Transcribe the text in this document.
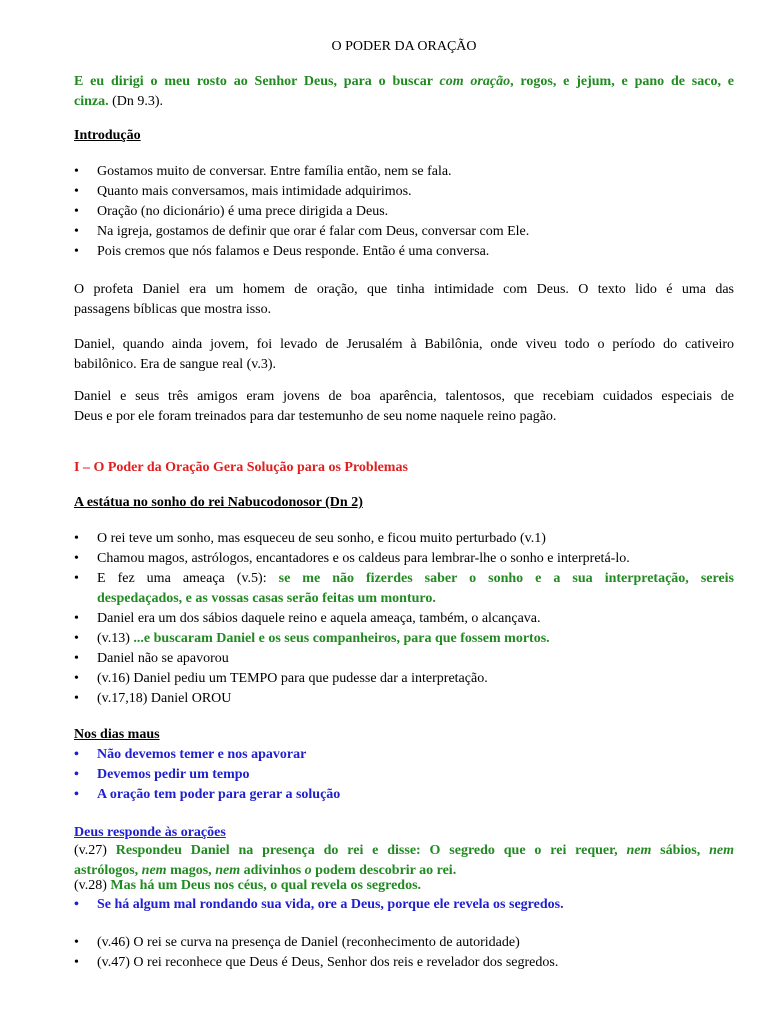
O PODER DA ORAÇÃO
E eu dirigi o meu rosto ao Senhor Deus, para o buscar com oração, rogos, e jejum, e pano de saco, e
cinza. (Dn 9.3).
Introdução
•	Gostamos muito de conversar. Entre família então, nem se fala.
•	Quanto mais conversamos, mais intimidade adquirimos.
•	Oração (no dicionário) é uma prece dirigida a Deus.
•	Na igreja, gostamos de definir que orar é falar com Deus, conversar com Ele.
•	Pois cremos que nós falamos e Deus responde. Então é uma conversa.
O profeta Daniel era um homem de oração, que tinha intimidade com Deus. O texto lido é uma das
passagens bíblicas que mostra isso.
Daniel, quando ainda jovem, foi levado de Jerusalém à Babilônia, onde viveu todo o período do cativeiro
babilônico. Era de sangue real (v.3).
Daniel e seus três amigos eram jovens de boa aparência, talentosos, que recebiam cuidados especiais de
Deus e por ele foram treinados para dar testemunho de seu nome naquele reino pagão.
I – O Poder da Oração Gera Solução para os Problemas
A estátua no sonho do rei Nabucodonosor (Dn 2)
•	O rei teve um sonho, mas esqueceu de seu sonho, e ficou muito perturbado (v.1)
•	Chamou magos, astrólogos, encantadores e os caldeus para lembrar-lhe o sonho e interpretá-lo.
•	E fez uma ameaça (v.5): se me não fizerdes saber o sonho e a sua interpretação, sereis
despedaçados, e as vossas casas serão feitas um monturo.
•	Daniel era um dos sábios daquele reino e aquela ameaça, também, o alcançava.
•	(v.13) ...e buscaram Daniel e os seus companheiros, para que fossem mortos.
•	Daniel não se apavorou
•	(v.16) Daniel pediu um TEMPO para que pudesse dar a interpretação.
•	(v.17,18) Daniel OROU
Nos dias maus
•	Não devemos temer e nos apavorar
•	Devemos pedir um tempo
•	A oração tem poder para gerar a solução
Deus responde às orações
(v.27) Respondeu Daniel na presença do rei e disse: O segredo que o rei requer, nem sábios, nem
astrólogos, nem magos, nem adivinhos o podem descobrir ao rei.
(v.28) Mas há um Deus nos céus, o qual revela os segredos.
•	Se há algum mal rondando sua vida, ore a Deus, porque ele revela os segredos.
•	(v.46) O rei se curva na presença de Daniel (reconhecimento de autoridade)
•	(v.47) O rei reconhece que Deus é Deus, Senhor dos reis e revelador dos segredos.
